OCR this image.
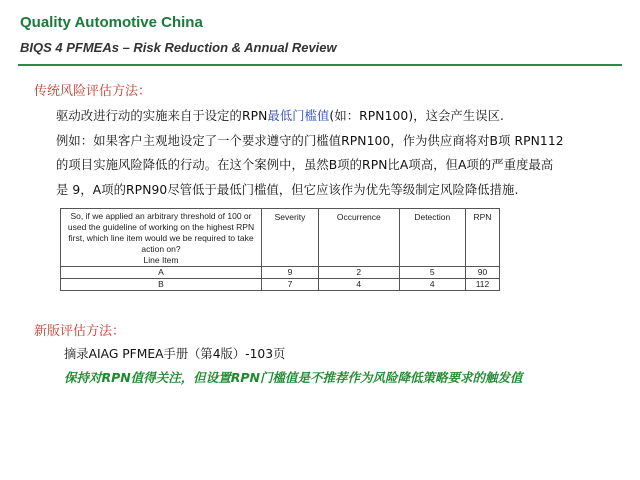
Quality Automotive China
BIQS 4 PFMEAs – Risk Reduction & Annual Review
传统风险评估方法：
驱动改进行动的实施来自于设定的RPN最低门槛值(如：RPN100)，这会产生误区.
例如：如果客户主观地设定了一个要求遵守的门槛值RPN100，作为供应商将对B项 RPN112
的项目实施风险降低的行动。在这个案例中，虽然B项的RPN比A项高，但A项的严重度最高
是 9，A项的RPN90尽管低于最低门槛值，但它应该作为优先等级制定风险降低措施.
So, if we applied an arbitrary threshold of 100 or used the guideline of working on the highest RPN first, which line item would we be required to take action on?
Line Item	Severity	Occurrence	Detection	RPN
A	9	2	5	90
B	7	4	4	112
新版评估方法：
摘录AIAG PFMEA手册（第4版）-103页
保持对RPN值得关注，但设置RPN门槛值是不推荐作为风险降低策略要求的触发值
